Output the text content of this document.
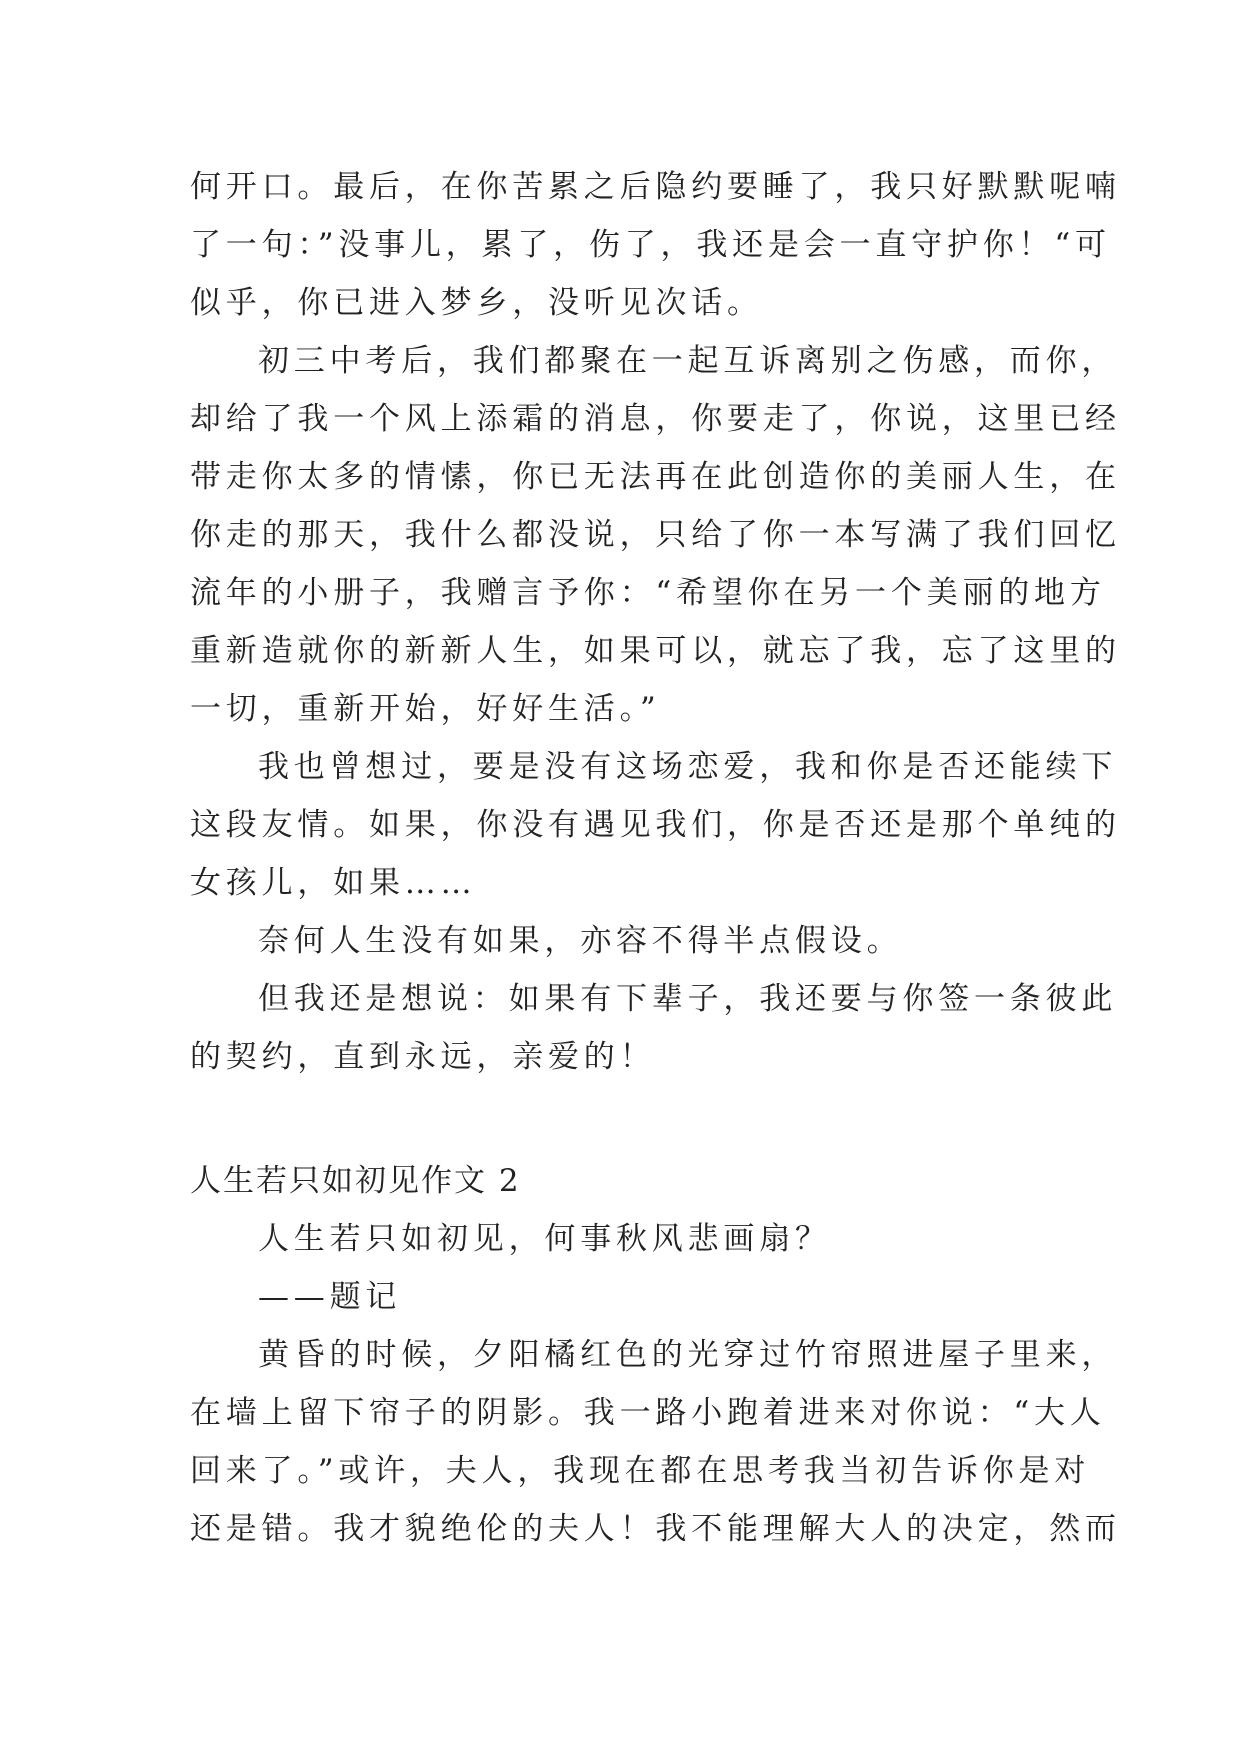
何开口。最后，在你苦累之后隐约要睡了，我只好默默呢喃

了一句：”没事儿，累了，伤了，我还是会一直守护你！“可

似乎，你已进入梦乡，没听见次话。

初三中考后，我们都聚在一起互诉离别之伤感，而你，

却给了我一个风上添霜的消息，你要走了，你说，这里已经

带走你太多的情愫，你已无法再在此创造你的美丽人生，在

你走的那天，我什么都没说，只给了你一本写满了我们回忆

流年的小册子，我赠言予你：“希望你在另一个美丽的地方

重新造就你的新新人生，如果可以，就忘了我，忘了这里的

一切，重新开始，好好生活。”

我也曾想过，要是没有这场恋爱，我和你是否还能续下

这段友情。如果，你没有遇见我们，你是否还是那个单纯的

女孩儿，如果……

奈何人生没有如果，亦容不得半点假设。

但我还是想说：如果有下辈子，我还要与你签一条彼此

的契约，直到永远，亲爱的！

人生若只如初见作文 2

人生若只如初见，何事秋风悲画扇？

——题记

黄昏的时候，夕阳橘红色的光穿过竹帘照进屋子里来，

在墙上留下帘子的阴影。我一路小跑着进来对你说：“大人

回来了。”或许，夫人，我现在都在思考我当初告诉你是对

还是错。我才貌绝伦的夫人！我不能理解大人的决定，然而
